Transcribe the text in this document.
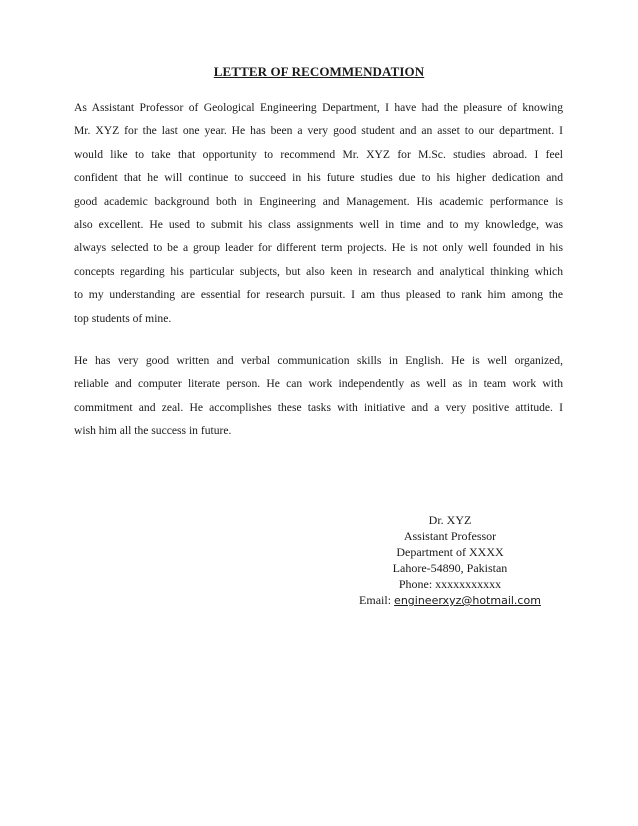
LETTER OF RECOMMENDATION

As Assistant Professor of Geological Engineering Department, I have had the pleasure of knowing
Mr. XYZ for the last one year. He has been a very good student and an asset to our department. I
would like to take that opportunity to recommend Mr. XYZ for M.Sc. studies abroad. I feel
confident that he will continue to succeed in his future studies due to his higher dedication and
good academic background both in Engineering and Management. His academic performance is
also excellent. He used to submit his class assignments well in time and to my knowledge, was
always selected to be a group leader for different term projects. He is not only well founded in his
concepts regarding his particular subjects, but also keen in research and analytical thinking which
to my understanding are essential for research pursuit. I am thus pleased to rank him among the
top students of mine.

He has very good written and verbal communication skills in English. He is well organized,
reliable and computer literate person. He can work independently as well as in team work with
commitment and zeal. He accomplishes these tasks with initiative and a very positive attitude. I
wish him all the success in future.

Dr. XYZ
Assistant Professor
Department of XXXX
Lahore-54890, Pakistan
Phone: xxxxxxxxxxx
Email: engineerxyz@hotmail.com
